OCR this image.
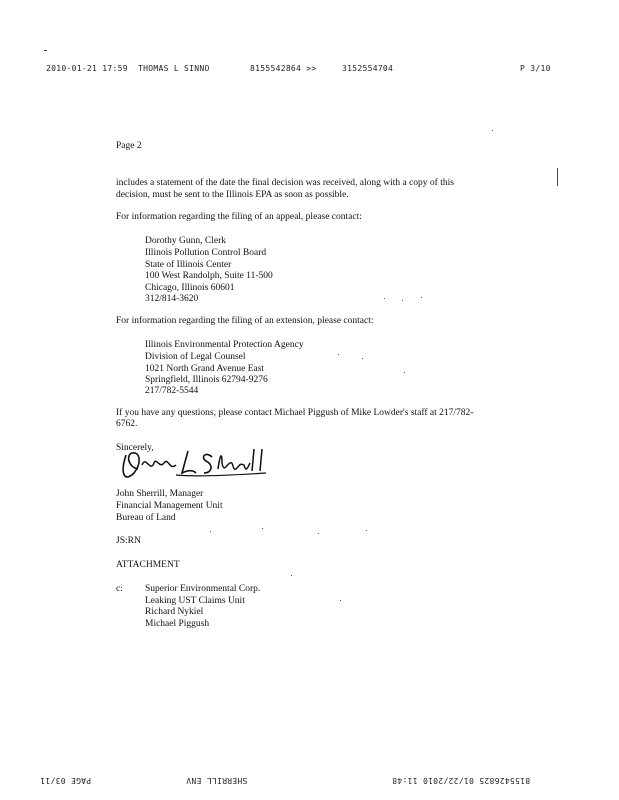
2010-01-21 17:59 THOMAS L SINNO	8155542864 >>	3152554704	P 3/10
Page 2
includes a statement of the date the final decision was received, along with a copy of this
decision, must be sent to the Illinois EPA as soon as possible.
For information regarding the filing of an appeal, please contact:
Dorothy Gunn, Clerk
Illinois Pollution Control Board
State of Illinois Center
100 West Randolph, Suite 11-500
Chicago, Illinois 60601
312/814-3620
For information regarding the filing of an extension, please contact:
Illinois Environmental Protection Agency
Division of Legal Counsel
1021 North Grand Avenue East
Springfield, Illinois 62794-9276
217/782-5544
If you have any questions, please contact Michael Piggush of Mike Lowder's staff at 217/782-
6762.
Sincerely,
John Sherrill, Manager
Financial Management Unit
Bureau of Land
JS:RN
ATTACHMENT
c: Superior Environmental Corp.
Leaking UST Claims Unit
Richard Nykiel
Michael Piggush
PAGE 03/11	SHERRILL ENV	8155426825 01/22/2010 11:48
